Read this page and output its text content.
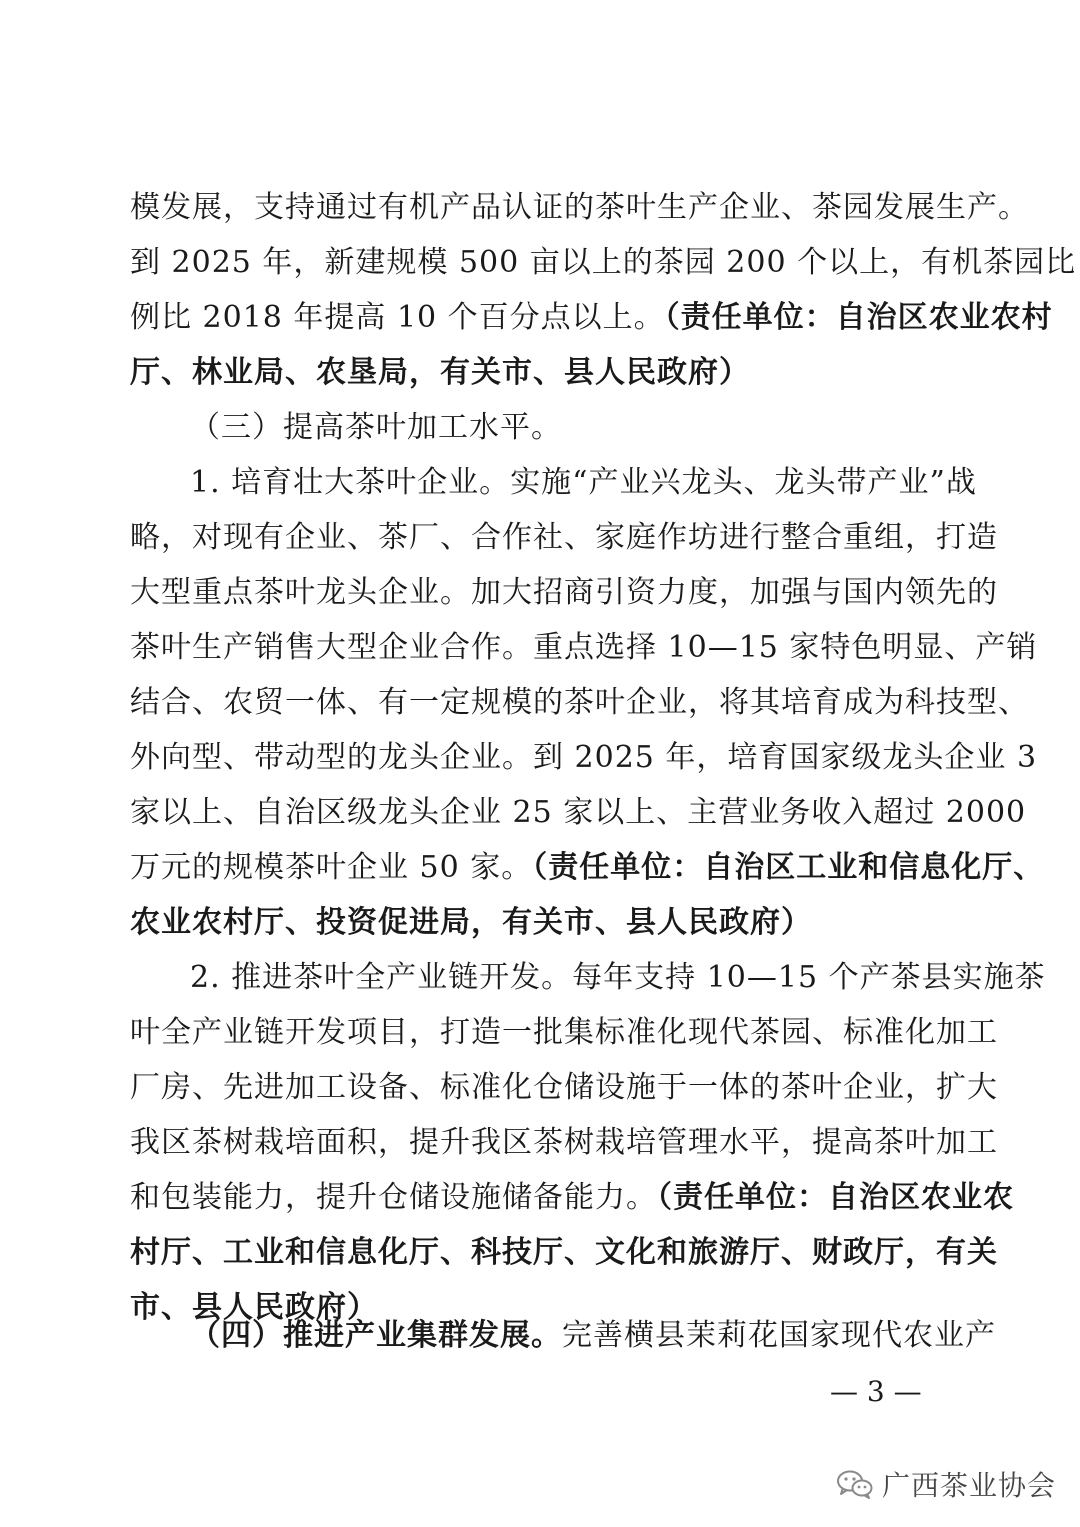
模发展，支持通过有机产品认证的茶叶生产企业、茶园发展生产。
到 2025 年，新建规模 500 亩以上的茶园 200 个以上，有机茶园比
例比 2018 年提高 10 个百分点以上。（责任单位：自治区农业农村
厅、林业局、农垦局，有关市、县人民政府）
（三）提高茶叶加工水平。
1. 培育壮大茶叶企业。实施“产业兴龙头、龙头带产业”战
略，对现有企业、茶厂、合作社、家庭作坊进行整合重组，打造
大型重点茶叶龙头企业。加大招商引资力度，加强与国内领先的
茶叶生产销售大型企业合作。重点选择 10—15 家特色明显、产销
结合、农贸一体、有一定规模的茶叶企业，将其培育成为科技型、
外向型、带动型的龙头企业。到 2025 年，培育国家级龙头企业 3
家以上、自治区级龙头企业 25 家以上、主营业务收入超过 2000
万元的规模茶叶企业 50 家。（责任单位：自治区工业和信息化厅、
农业农村厅、投资促进局，有关市、县人民政府）
2. 推进茶叶全产业链开发。每年支持 10—15 个产茶县实施茶
叶全产业链开发项目，打造一批集标准化现代茶园、标准化加工
厂房、先进加工设备、标准化仓储设施于一体的茶叶企业，扩大
我区茶树栽培面积，提升我区茶树栽培管理水平，提高茶叶加工
和包装能力，提升仓储设施储备能力。（责任单位：自治区农业农
村厅、工业和信息化厅、科技厅、文化和旅游厅、财政厅，有关
市、县人民政府）
（四）推进产业集群发展。完善横县茉莉花国家现代农业产
— 3 —
广西茶业协会
